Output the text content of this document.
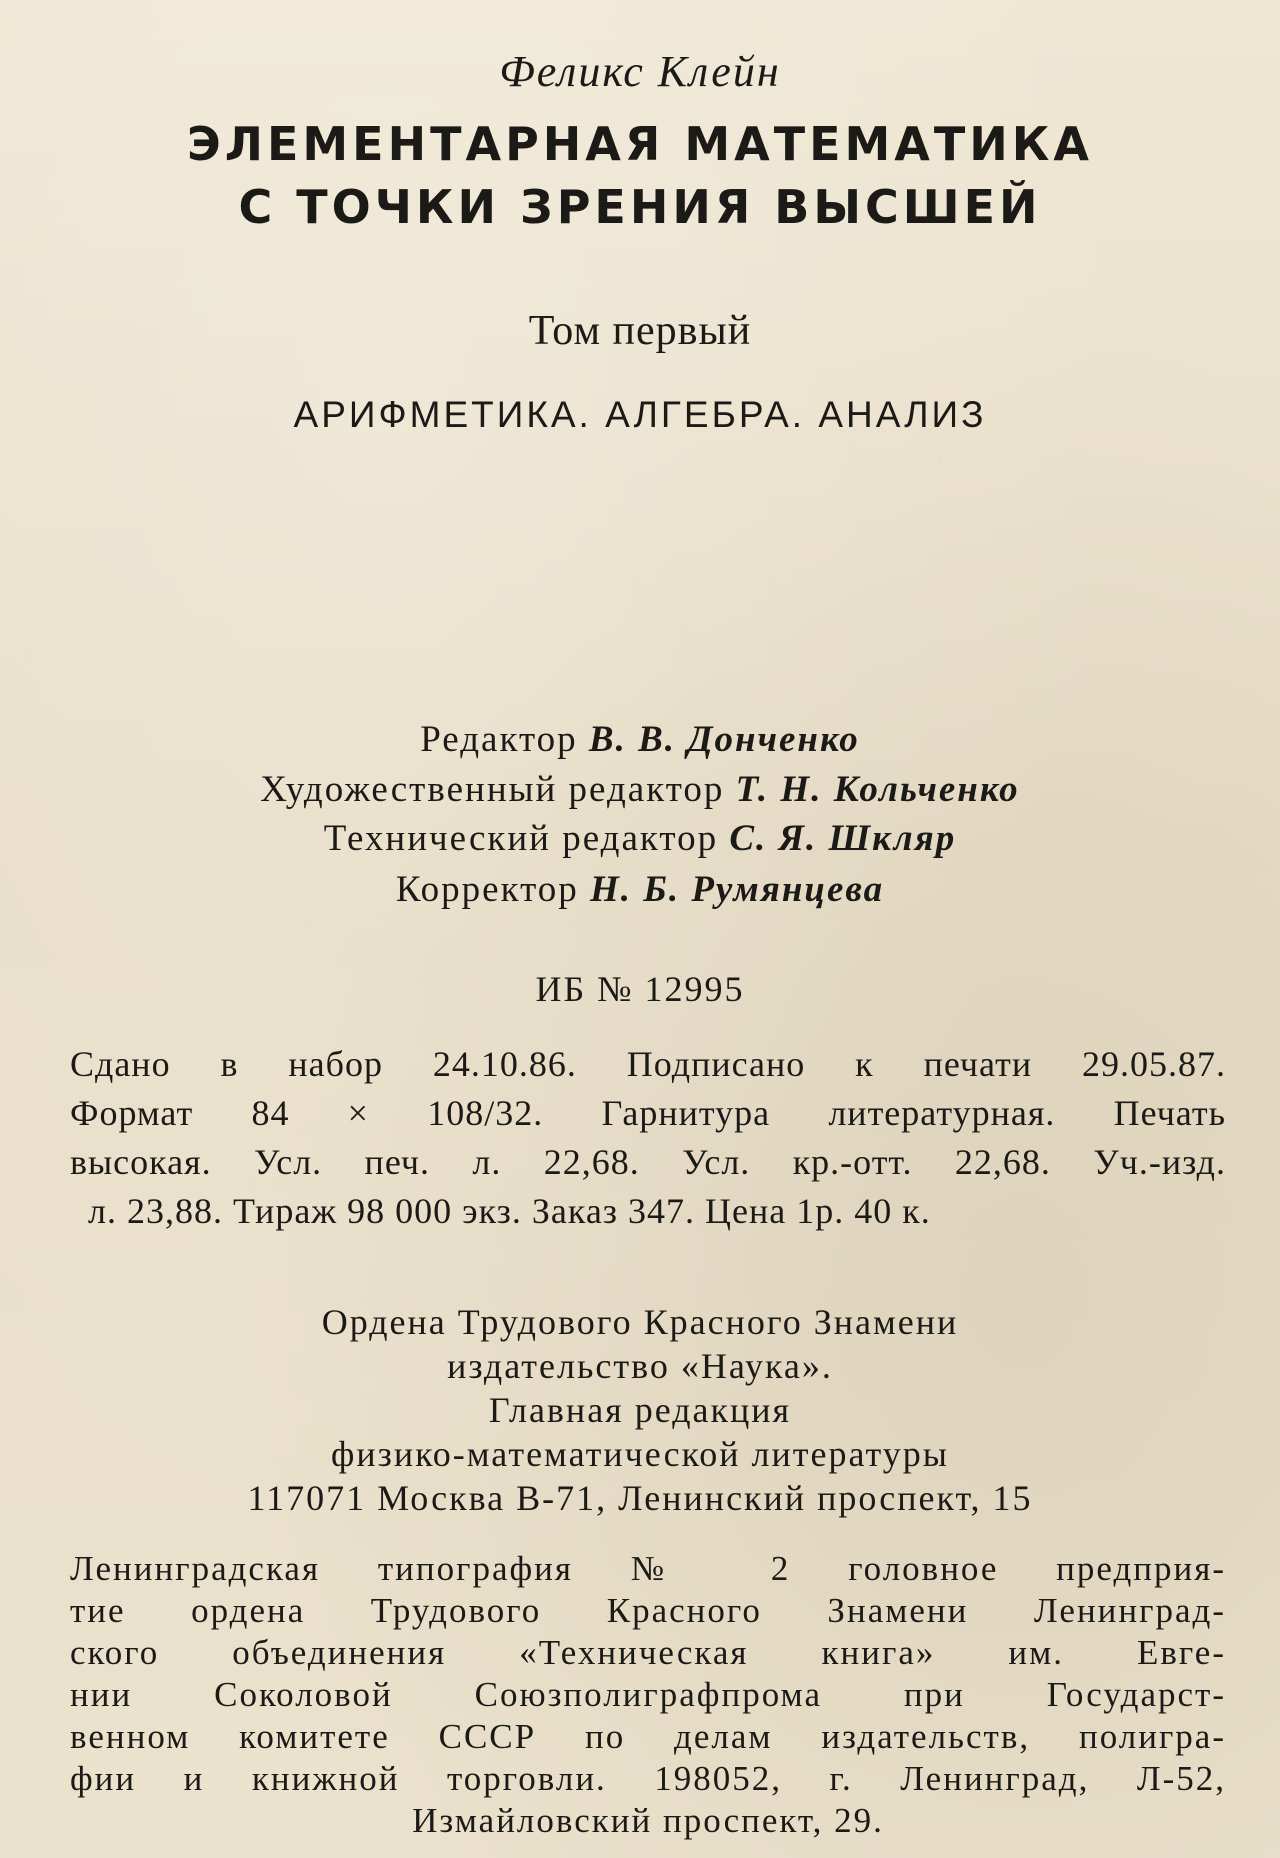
Феликс Клейн
ЭЛЕМЕНТАРНАЯ МАТЕМАТИКА
С ТОЧКИ ЗРЕНИЯ ВЫСШЕЙ
Том первый
АРИФМЕТИКА. АЛГЕБРА. АНАЛИЗ
Редактор В. В. Донченко
Художественный редактор Т. Н. Кольченко
Технический редактор С. Я. Шкляр
Корректор Н. Б. Румянцева
ИБ № 12995
Сдано в набор 24.10.86. Подписано к печати 29.05.87.
Формат 84 × 108/32. Гарнитура литературная. Печать
высокая. Усл. печ. л. 22,68. Усл. кр.-отт. 22,68. Уч.-изд.
л. 23,88. Тираж 98 000 экз. Заказ 347. Цена 1р. 40 к.
Ордена Трудового Красного Знамени
издательство «Наука».
Главная редакция
физико-математической литературы
117071 Москва В-71, Ленинский проспект, 15
Ленинградская типография № 2 головное предприя-
тие ордена Трудового Красного Знамени Ленинград-
ского объединения «Техническая книга» им. Евге-
нии Соколовой Союзполиграфпрома при Государст-
венном комитете СССР по делам издательств, полигра-
фии и книжной торговли. 198052, г. Ленинград, Л-52,
Измайловский проспект, 29.
